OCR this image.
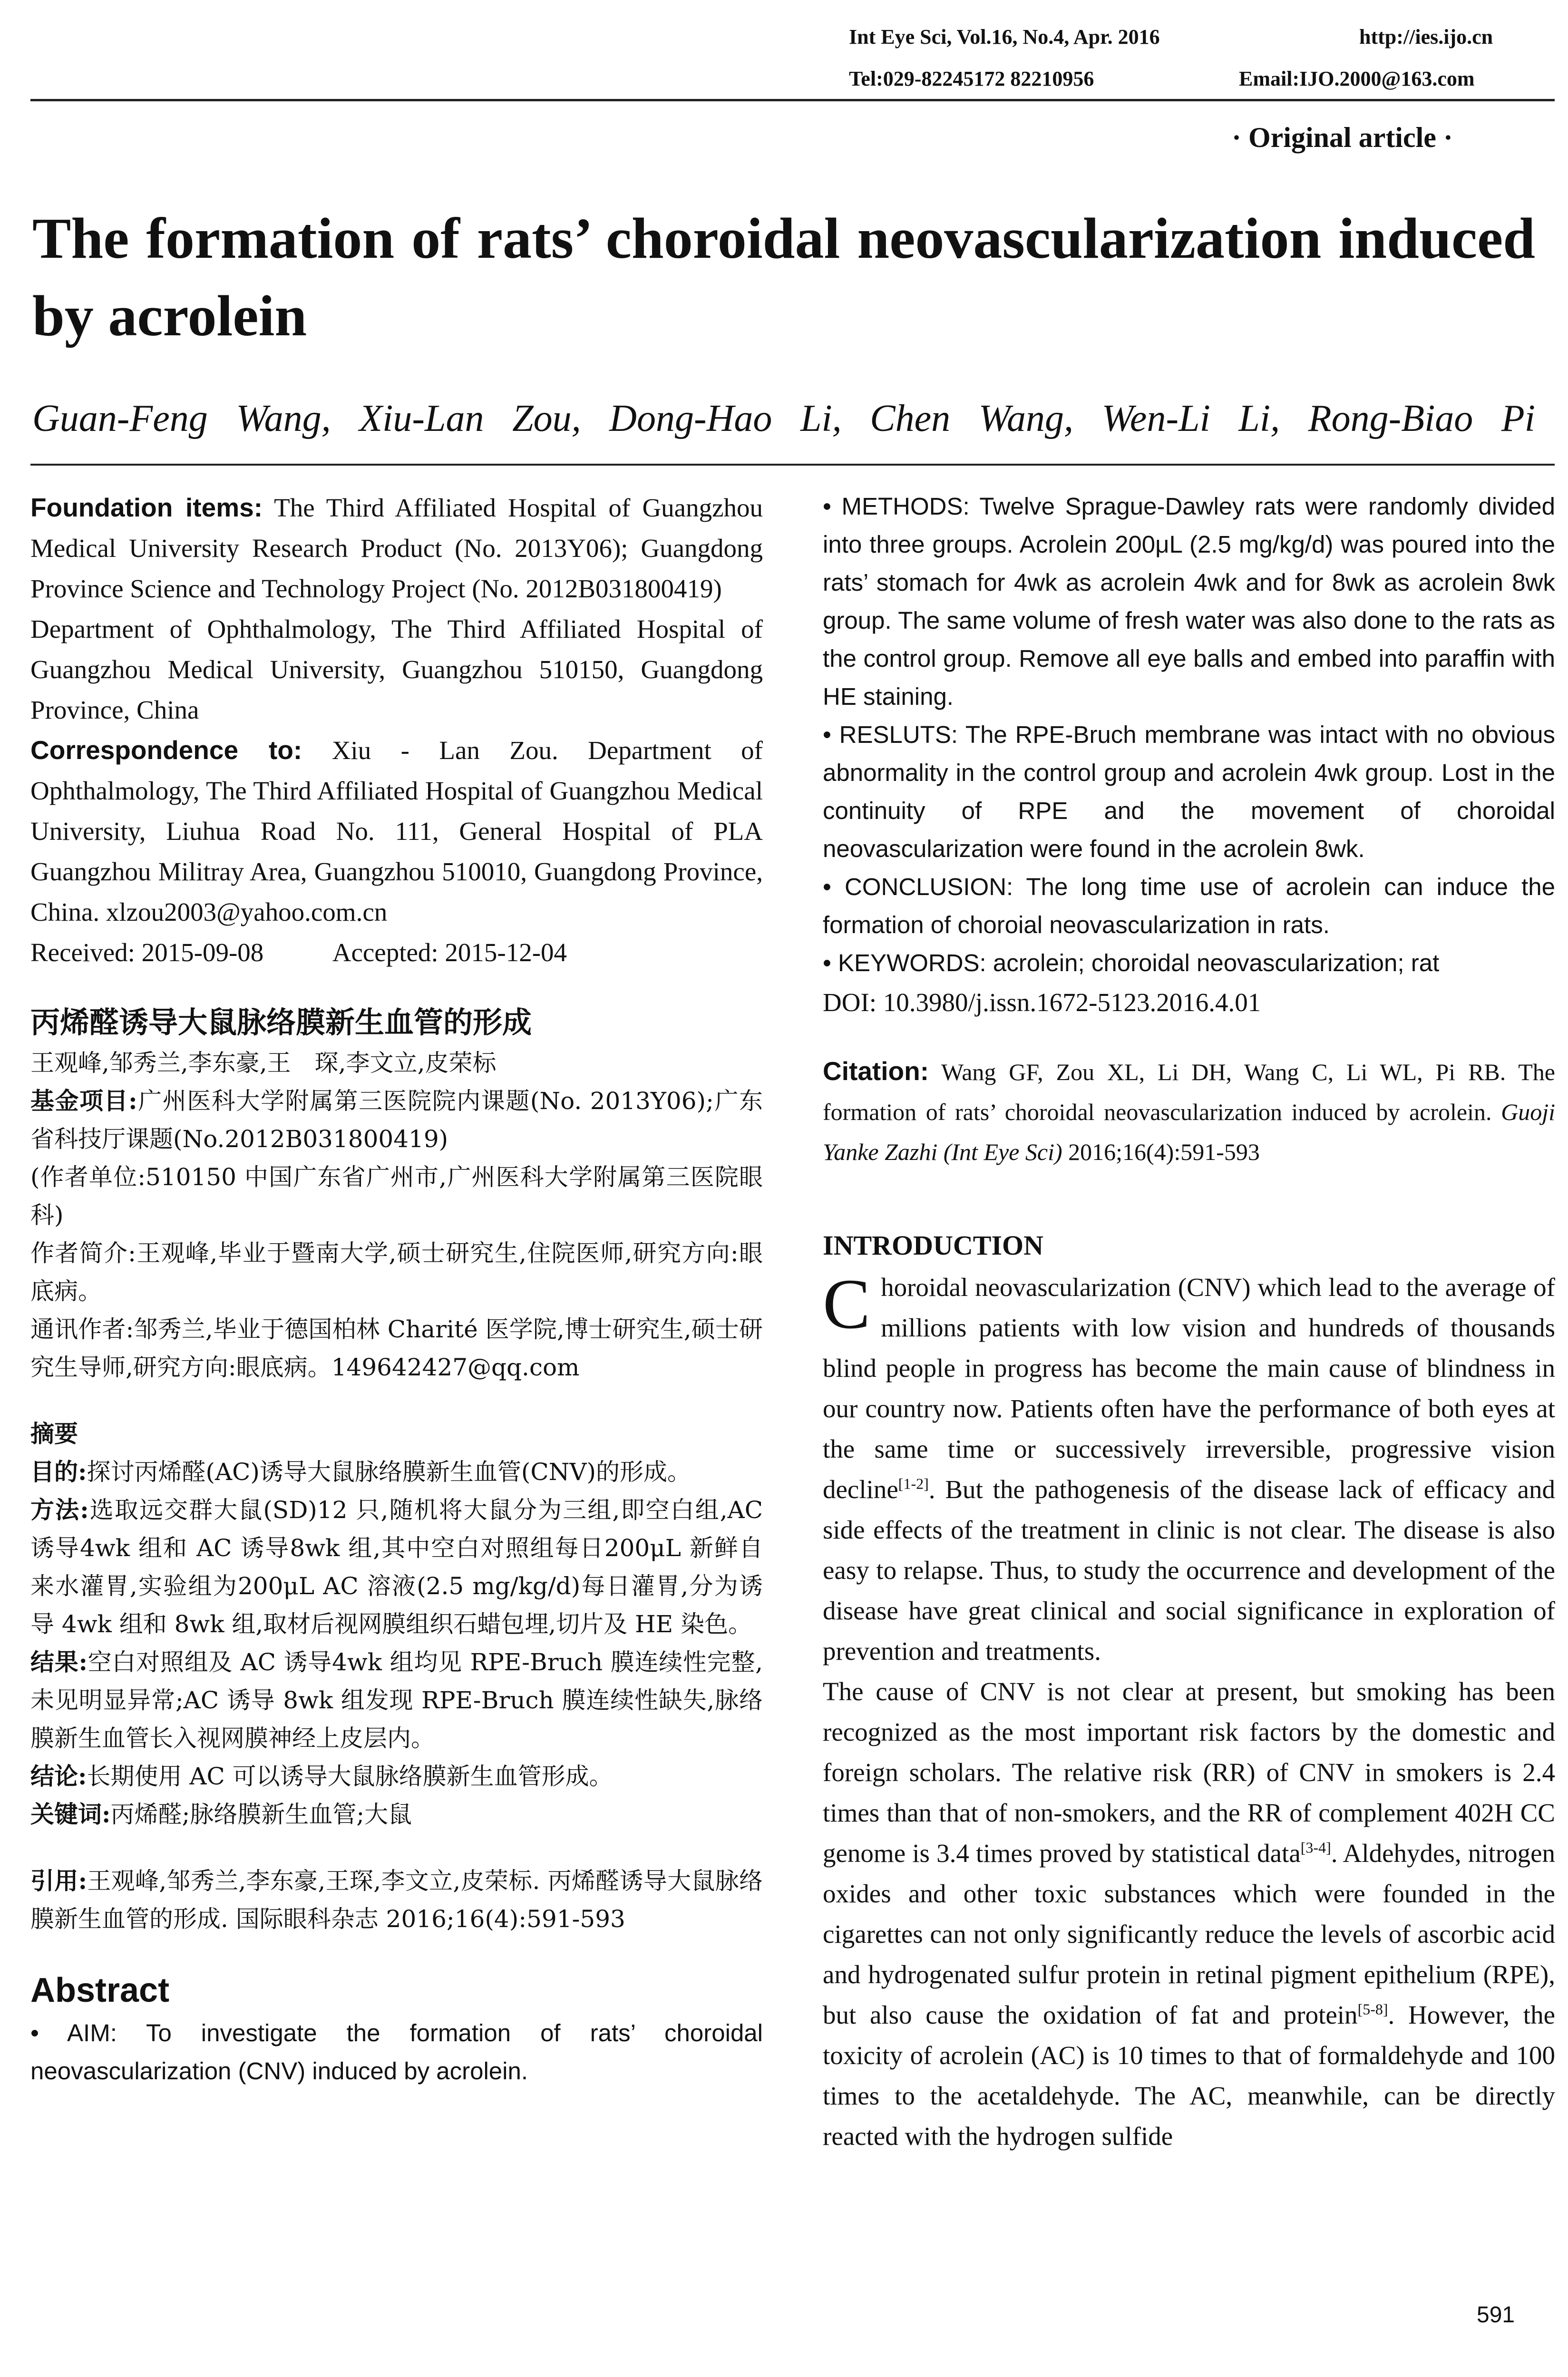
Int Eye Sci, Vol.16, No.4, Apr. 2016	http://ies.ijo.cn
Tel:029-82245172 82210956	Email:IJO.2000@163.com
· Original article ·
The formation of rats’ choroidal neovascularization induced by acrolein
Guan-Feng Wang, Xiu-Lan Zou, Dong-Hao Li, Chen Wang, Wen-Li Li, Rong-Biao Pi

Foundation items: The Third Affiliated Hospital of Guangzhou Medical University Research Product (No. 2013Y06); Guangdong Province Science and Technology Project (No. 2012B031800419)

Department of Ophthalmology, The Third Affiliated Hospital of Guangzhou Medical University, Guangzhou 510150, Guangdong Province, China

Correspondence to: Xiu - Lan Zou. Department of Ophthalmology, The Third Affiliated Hospital of Guangzhou Medical University, Liuhua Road No. 111, General Hospital of PLA Guangzhou Militray Area, Guangzhou 510010, Guangdong Province, China. xlzou2003@yahoo.com.cn

Received: 2015-09-08	Accepted: 2015-12-04

丙烯醛诱导大鼠脉络膜新生血管的形成

王观峰,邹秀兰,李东豪,王　琛,李文立,皮荣标

基金项目:广州医科大学附属第三医院院内课题(No. 2013Y06);广东省科技厅课题(No.2012B031800419)

(作者单位:510150 中国广东省广州市,广州医科大学附属第三医院眼科)

作者简介:王观峰,毕业于暨南大学,硕士研究生,住院医师,研究方向:眼底病。

通讯作者:邹秀兰,毕业于德国柏林 Charité 医学院,博士研究生,硕士研究生导师,研究方向:眼底病。149642427@qq.com

摘要

目的:探讨丙烯醛(AC)诱导大鼠脉络膜新生血管(CNV)的形成。

方法:选取远交群大鼠(SD)12 只,随机将大鼠分为三组,即空白组,AC 诱导4wk 组和 AC 诱导8wk 组,其中空白对照组每日200μL 新鲜自来水灌胃,实验组为200μL AC 溶液(2.5 mg/kg/d)每日灌胃,分为诱导 4wk 组和 8wk 组,取材后视网膜组织石蜡包埋,切片及 HE 染色。

结果:空白对照组及 AC 诱导4wk 组均见 RPE-Bruch 膜连续性完整,未见明显异常;AC 诱导 8wk 组发现 RPE-Bruch 膜连续性缺失,脉络膜新生血管长入视网膜神经上皮层内。

结论:长期使用 AC 可以诱导大鼠脉络膜新生血管形成。

关键词:丙烯醛;脉络膜新生血管;大鼠

引用:王观峰,邹秀兰,李东豪,王琛,李文立,皮荣标. 丙烯醛诱导大鼠脉络膜新生血管的形成. 国际眼科杂志 2016;16(4):591-593

Abstract

• AIM: To investigate the formation of rats’ choroidal neovascularization (CNV) induced by acrolein.

• METHODS: Twelve Sprague-Dawley rats were randomly divided into three groups. Acrolein 200μL (2.5 mg/kg/d) was poured into the rats’ stomach for 4wk as acrolein 4wk and for 8wk as acrolein 8wk group. The same volume of fresh water was also done to the rats as the control group. Remove all eye balls and embed into paraffin with HE staining.

• RESLUTS: The RPE-Bruch membrane was intact with no obvious abnormality in the control group and acrolein 4wk group. Lost in the continuity of RPE and the movement of choroidal neovascularization were found in the acrolein 8wk.

• CONCLUSION: The long time use of acrolein can induce the formation of choroial neovascularization in rats.

• KEYWORDS: acrolein; choroidal neovascularization; rat

DOI: 10.3980/j.issn.1672-5123.2016.4.01

Citation: Wang GF, Zou XL, Li DH, Wang C, Li WL, Pi RB. The formation of rats’ choroidal neovascularization induced by acrolein. Guoji Yanke Zazhi (Int Eye Sci) 2016;16(4):591-593

INTRODUCTION

Choroidal neovascularization (CNV) which lead to the average of millions patients with low vision and hundreds of thousands blind people in progress has become the main cause of blindness in our country now. Patients often have the performance of both eyes at the same time or successively irreversible, progressive vision decline[1-2]. But the pathogenesis of the disease lack of efficacy and side effects of the treatment in clinic is not clear. The disease is also easy to relapse. Thus, to study the occurrence and development of the disease have great clinical and social significance in exploration of prevention and treatments.

The cause of CNV is not clear at present, but smoking has been recognized as the most important risk factors by the domestic and foreign scholars. The relative risk (RR) of CNV in smokers is 2.4 times than that of non-smokers, and the RR of complement 402H CC genome is 3.4 times proved by statistical data[3-4]. Aldehydes, nitrogen oxides and other toxic substances which were founded in the cigarettes can not only significantly reduce the levels of ascorbic acid and hydrogenated sulfur protein in retinal pigment epithelium (RPE), but also cause the oxidation of fat and protein[5-8]. However, the toxicity of acrolein (AC) is 10 times to that of formaldehyde and 100 times to the acetaldehyde. The AC, meanwhile, can be directly reacted with the hydrogen sulfide

591
